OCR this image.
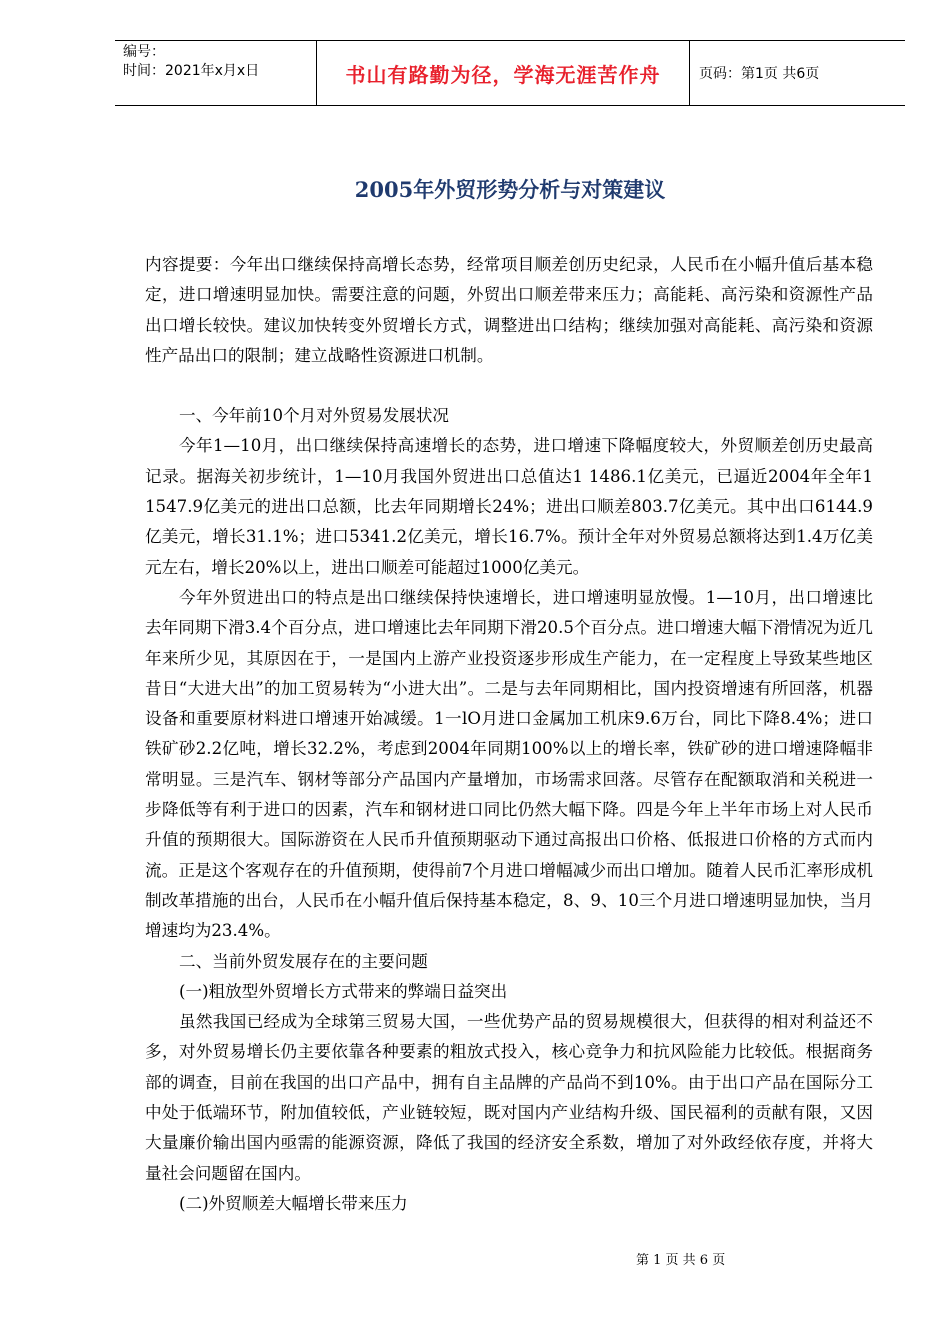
编号：
时间：2021年x月x日	书山有路勤为径，学海无涯苦作舟	页码：第1页 共6页
2005年外贸形势分析与对策建议

内容提要：今年出口继续保持高增长态势，经常项目顺差创历史纪录，人民币在小幅升值后基本稳定，进口增速明显加快。需要注意的问题，外贸出口顺差带来压力；高能耗、高污染和资源性产品出口增长较快。建议加快转变外贸增长方式，调整进出口结构；继续加强对高能耗、高污染和资源性产品出口的限制；建立战略性资源进口机制。

一、今年前10个月对外贸易发展状况

今年1—10月，出口继续保持高速增长的态势，进口增速下降幅度较大，外贸顺差创历史最高记录。据海关初步统计，1—10月我国外贸进出口总值达1 1486.1亿美元，已逼近2004年全年1 1547.9亿美元的进出口总额，比去年同期增长24%；进出口顺差803.7亿美元。其中出口6144.9亿美元，增长31.1%；进口5341.2亿美元，增长16.7%。预计全年对外贸易总额将达到1.4万亿美元左右，增长20%以上，进出口顺差可能超过1000亿美元。

今年外贸进出口的特点是出口继续保持快速增长，进口增速明显放慢。1—10月，出口增速比去年同期下滑3.4个百分点，进口增速比去年同期下滑20.5个百分点。进口增速大幅下滑情况为近几年来所少见，其原因在于，一是国内上游产业投资逐步形成生产能力，在一定程度上导致某些地区昔日“大进大出”的加工贸易转为“小进大出”。二是与去年同期相比，国内投资增速有所回落，机器设备和重要原材料进口增速开始减缓。1一lO月进口金属加工机床9.6万台，同比下降8.4%；进口铁矿砂2.2亿吨，增长32.2%，考虑到2004年同期100%以上的增长率，铁矿砂的进口增速降幅非常明显。三是汽车、钢材等部分产品国内产量增加，市场需求回落。尽管存在配额取消和关税进一步降低等有利于进口的因素，汽车和钢材进口同比仍然大幅下降。四是今年上半年市场上对人民币升值的预期很大。国际游资在人民币升值预期驱动下通过高报出口价格、低报进口价格的方式而内流。正是这个客观存在的升值预期，使得前7个月进口增幅减少而出口增加。随着人民币汇率形成机制改革措施的出台，人民币在小幅升值后保持基本稳定，8、9、10三个月进口增速明显加快，当月增速均为23.4%。

二、当前外贸发展存在的主要问题

(一)粗放型外贸增长方式带来的弊端日益突出

虽然我国已经成为全球第三贸易大国，一些优势产品的贸易规模很大，但获得的相对利益还不多，对外贸易增长仍主要依靠各种要素的粗放式投入，核心竞争力和抗风险能力比较低。根据商务部的调查，目前在我国的出口产品中，拥有自主品牌的产品尚不到10%。由于出口产品在国际分工中处于低端环节，附加值较低，产业链较短，既对国内产业结构升级、国民福利的贡献有限，又因大量廉价输出国内亟需的能源资源，降低了我国的经济安全系数，增加了对外政经依存度，并将大量社会问题留在国内。

(二)外贸顺差大幅增长带来压力

第 1 页 共 6 页
